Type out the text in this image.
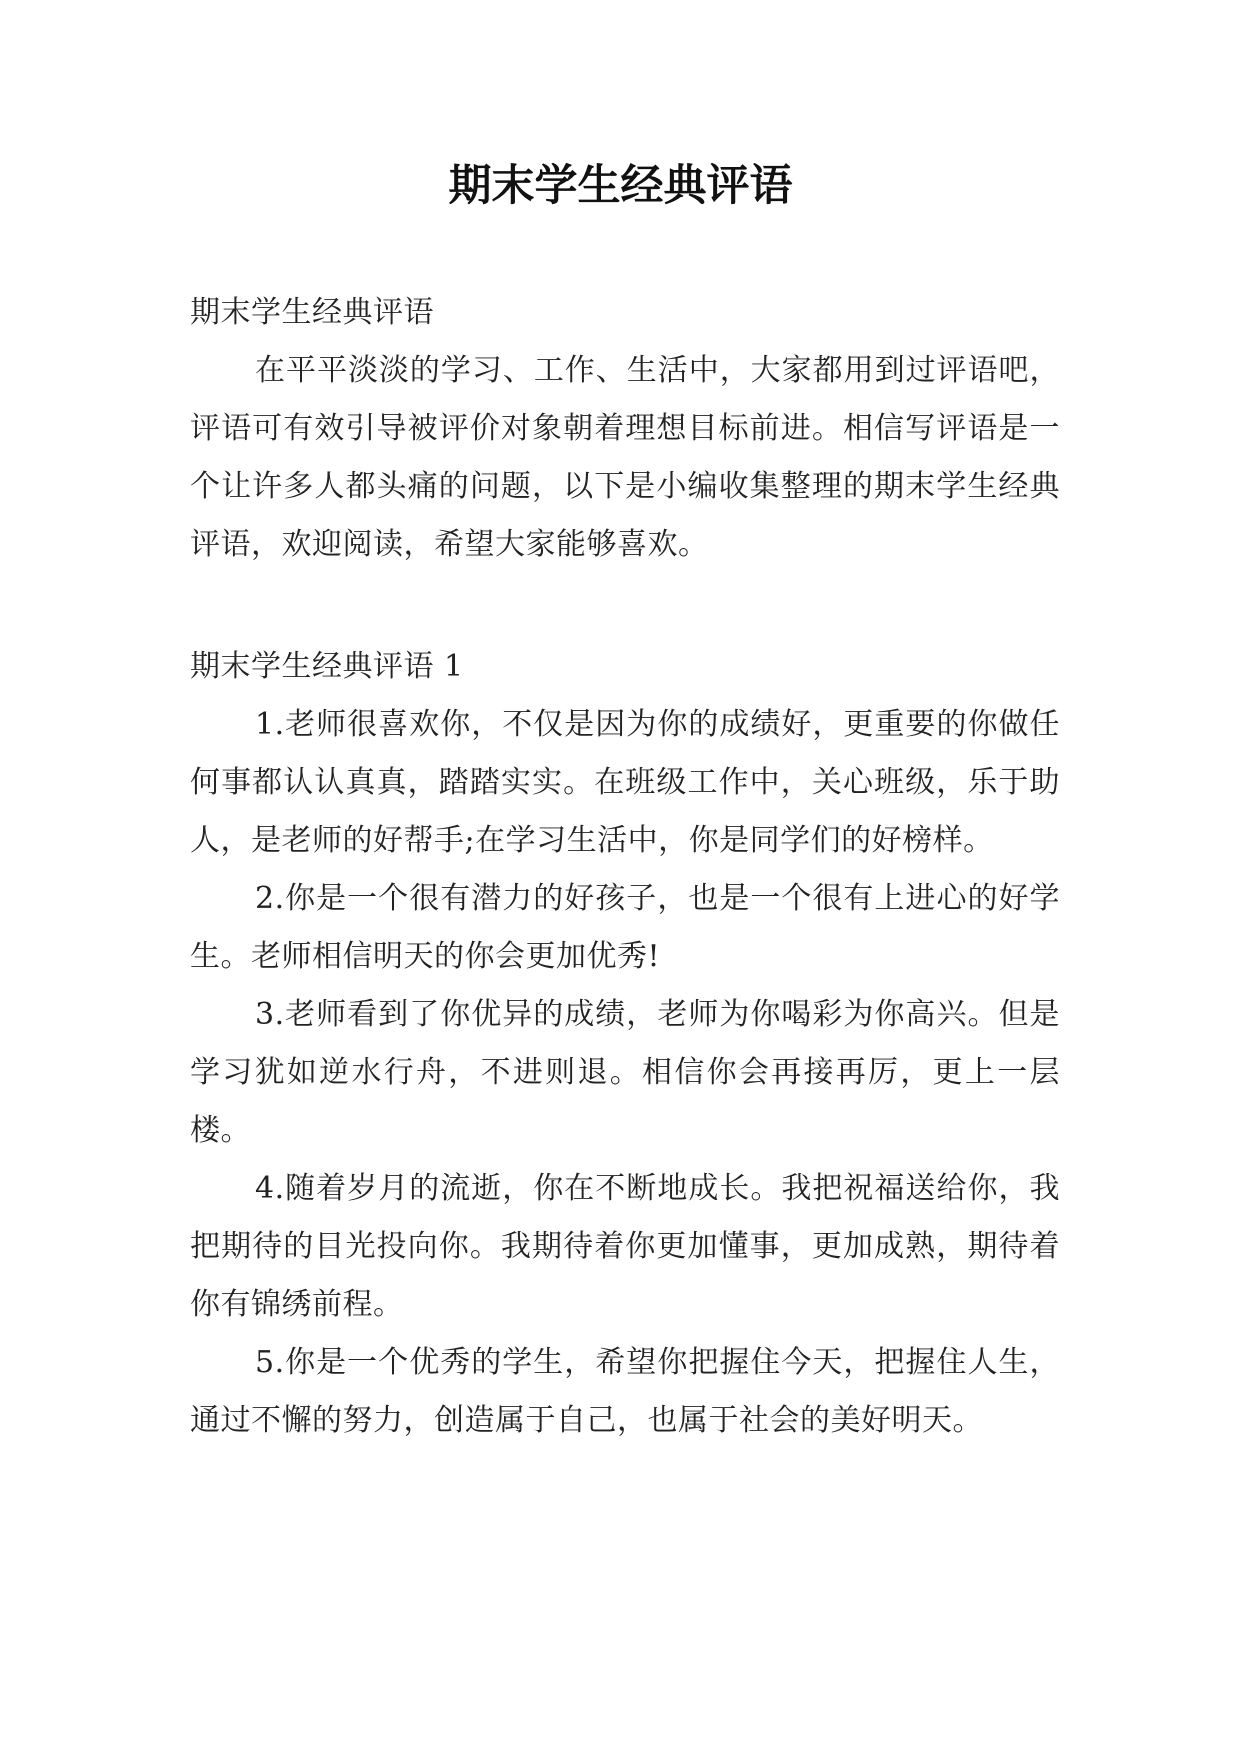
期末学生经典评语

期末学生经典评语

在平平淡淡的学习、工作、生活中，大家都用到过评语吧，评语可有效引导被评价对象朝着理想目标前进。相信写评语是一个让许多人都头痛的问题，以下是小编收集整理的期末学生经典评语，欢迎阅读，希望大家能够喜欢。

期末学生经典评语 1

1.老师很喜欢你，不仅是因为你的成绩好，更重要的你做任何事都认认真真，踏踏实实。在班级工作中，关心班级，乐于助人，是老师的好帮手;在学习生活中，你是同学们的好榜样。

2.你是一个很有潜力的好孩子，也是一个很有上进心的好学生。老师相信明天的你会更加优秀!

3.老师看到了你优异的成绩，老师为你喝彩为你高兴。但是学习犹如逆水行舟，不进则退。相信你会再接再厉，更上一层楼。

4.随着岁月的流逝，你在不断地成长。我把祝福送给你，我把期待的目光投向你。我期待着你更加懂事，更加成熟，期待着你有锦绣前程。

5.你是一个优秀的学生，希望你把握住今天，把握住人生，通过不懈的努力，创造属于自己，也属于社会的美好明天。
